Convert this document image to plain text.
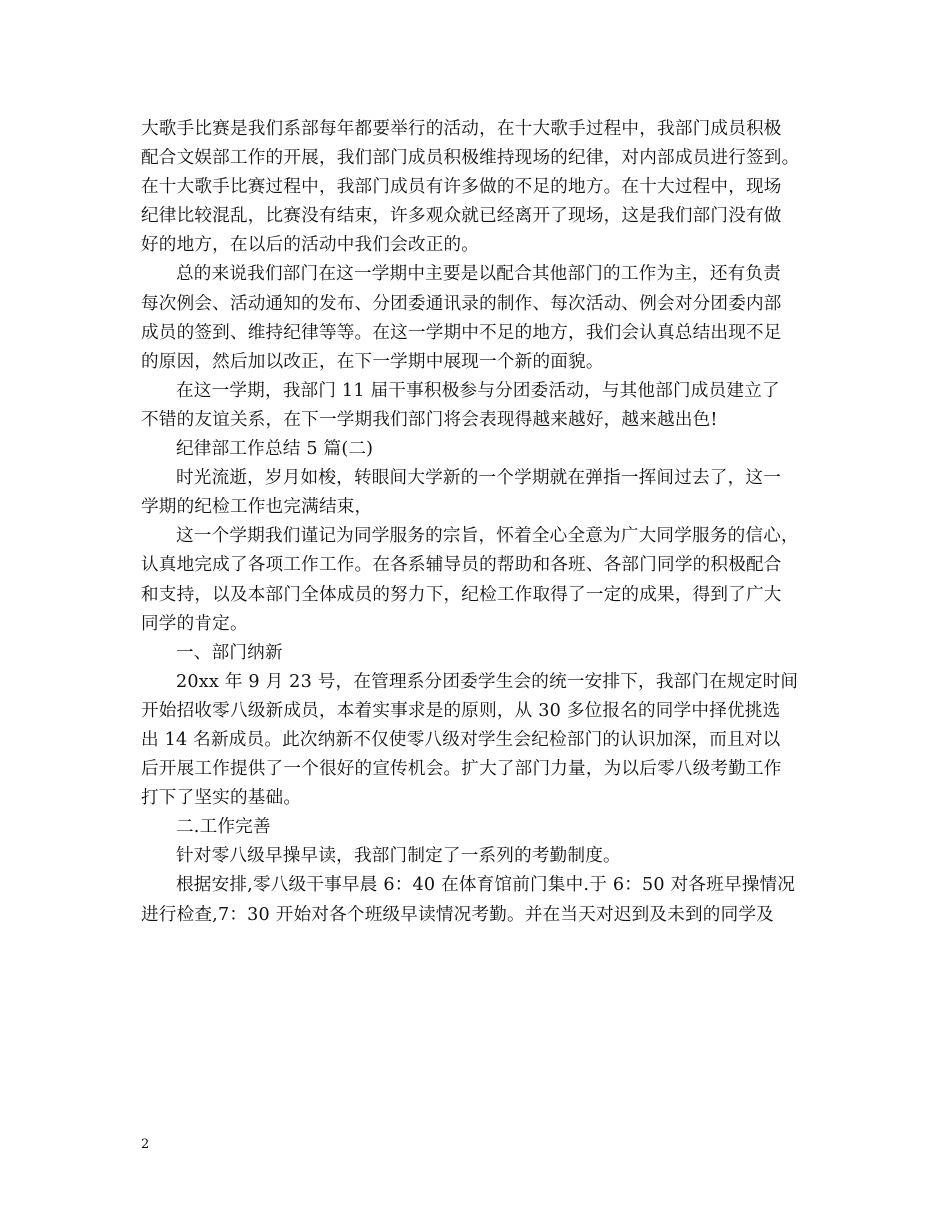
大歌手比赛是我们系部每年都要举行的活动，在十大歌手过程中，我部门成员积极
配合文娱部工作的开展，我们部门成员积极维持现场的纪律，对内部成员进行签到。
在十大歌手比赛过程中，我部门成员有许多做的不足的地方。在十大过程中，现场
纪律比较混乱，比赛没有结束，许多观众就已经离开了现场，这是我们部门没有做
好的地方，在以后的活动中我们会改正的。
总的来说我们部门在这一学期中主要是以配合其他部门的工作为主，还有负责
每次例会、活动通知的发布、分团委通讯录的制作、每次活动、例会对分团委内部
成员的签到、维持纪律等等。在这一学期中不足的地方，我们会认真总结出现不足
的原因，然后加以改正，在下一学期中展现一个新的面貌。
在这一学期，我部门 11 届干事积极参与分团委活动，与其他部门成员建立了
不错的友谊关系，在下一学期我们部门将会表现得越来越好，越来越出色!
纪律部工作总结 5 篇(二)
时光流逝，岁月如梭，转眼间大学新的一个学期就在弹指一挥间过去了，这一
学期的纪检工作也完满结束，
这一个学期我们谨记为同学服务的宗旨，怀着全心全意为广大同学服务的信心，
认真地完成了各项工作工作。在各系辅导员的帮助和各班、各部门同学的积极配合
和支持，以及本部门全体成员的努力下，纪检工作取得了一定的成果，得到了广大
同学的肯定。
一、部门纳新
20xx 年 9 月 23 号，在管理系分团委学生会的统一安排下，我部门在规定时间
开始招收零八级新成员，本着实事求是的原则，从 30 多位报名的同学中择优挑选
出 14 名新成员。此次纳新不仅使零八级对学生会纪检部门的认识加深，而且对以
后开展工作提供了一个很好的宣传机会。扩大了部门力量，为以后零八级考勤工作
打下了坚实的基础。
二.工作完善
针对零八级早操早读，我部门制定了一系列的考勤制度。
根据安排,零八级干事早晨 6：40 在体育馆前门集中.于 6：50 对各班早操情况
进行检查,7：30 开始对各个班级早读情况考勤。并在当天对迟到及未到的同学及
2
